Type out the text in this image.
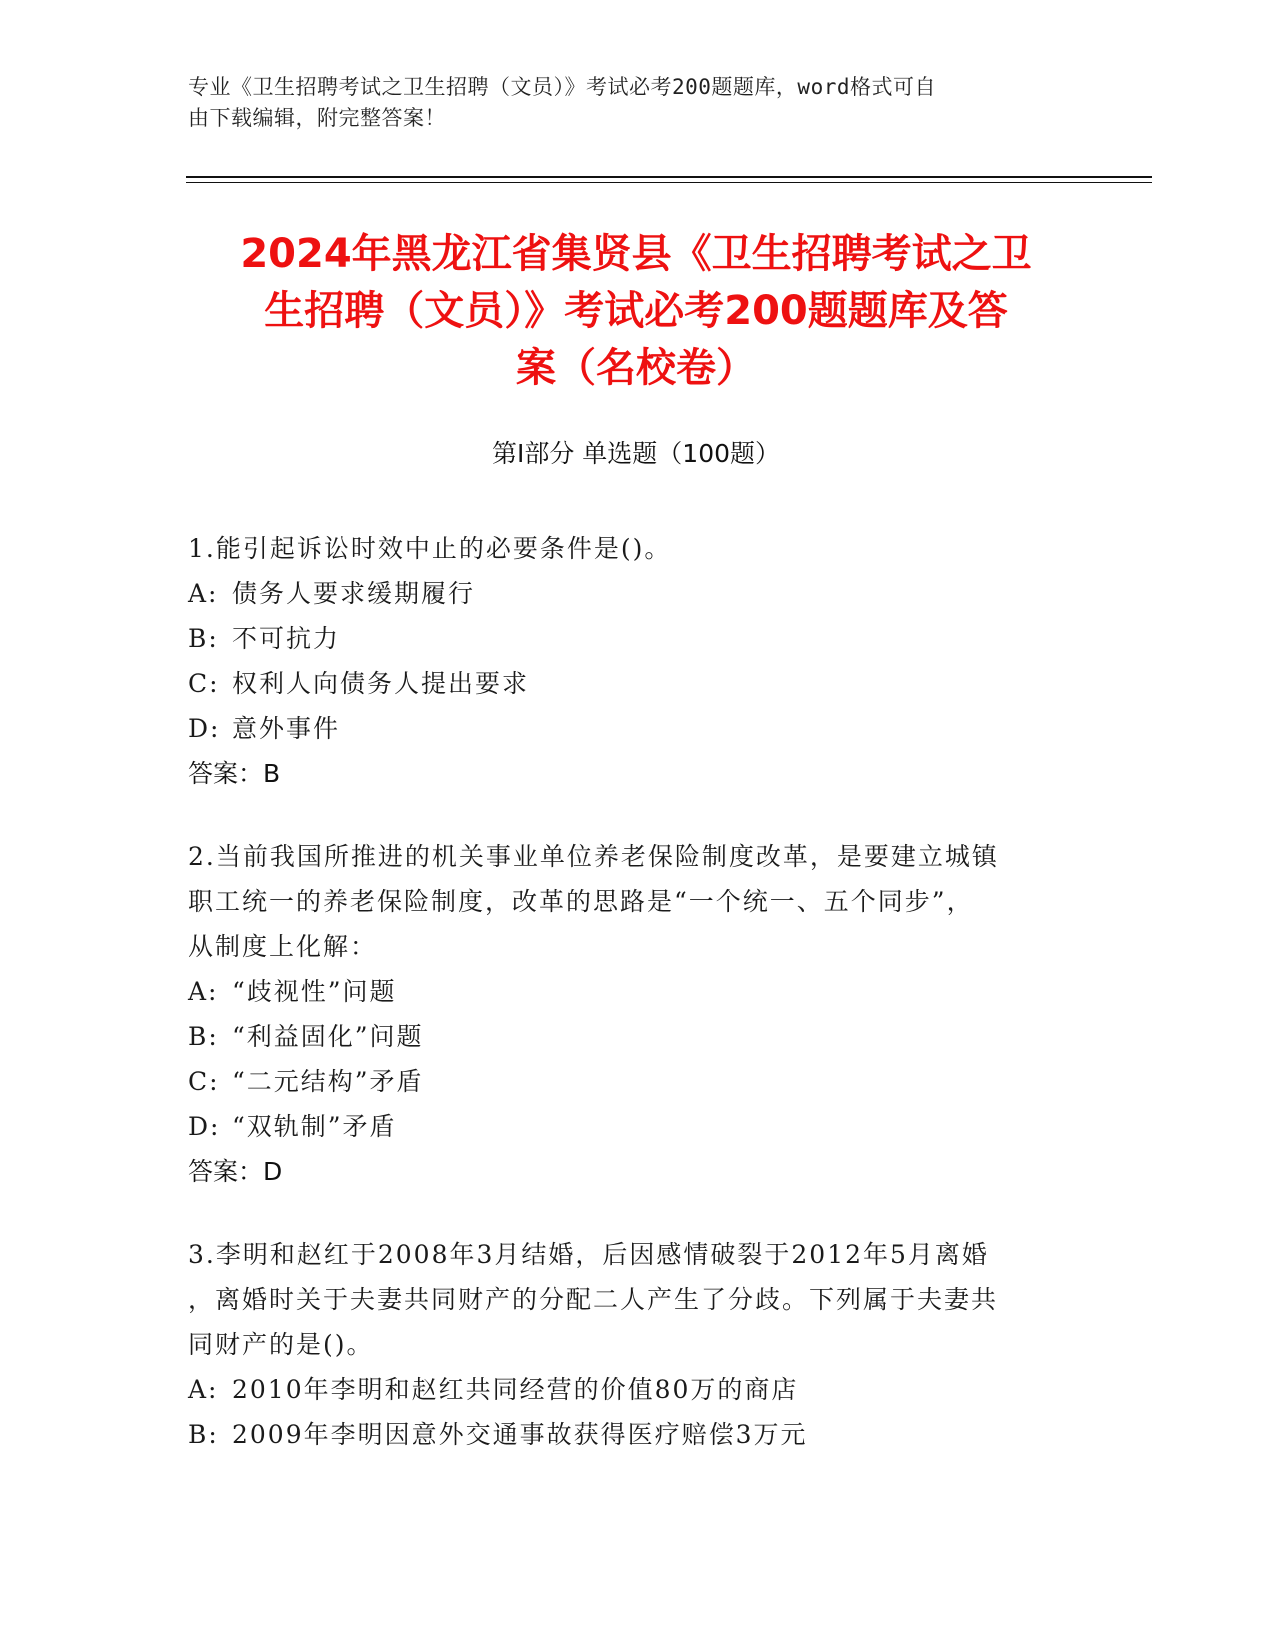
专业《卫生招聘考试之卫生招聘（文员）》考试必考200题题库，word格式可自
由下载编辑，附完整答案！
2024年黑龙江省集贤县《卫生招聘考试之卫
生招聘（文员）》考试必考200题题库及答
案（名校卷）
第Ⅰ部分 单选题（100题）
1.能引起诉讼时效中止的必要条件是()。
A: 债务人要求缓期履行
B: 不可抗力
C: 权利人向债务人提出要求
D: 意外事件
答案：B
2.当前我国所推进的机关事业单位养老保险制度改革，是要建立城镇
职工统一的养老保险制度，改革的思路是“一个统一、五个同步”，
从制度上化解：
A: “歧视性”问题
B: “利益固化”问题
C: “二元结构”矛盾
D: “双轨制”矛盾
答案：D
3.李明和赵红于2008年3月结婚，后因感情破裂于2012年5月离婚
，离婚时关于夫妻共同财产的分配二人产生了分歧。下列属于夫妻共
同财产的是()。
A: 2010年李明和赵红共同经营的价值80万的商店
B: 2009年李明因意外交通事故获得医疗赔偿3万元
